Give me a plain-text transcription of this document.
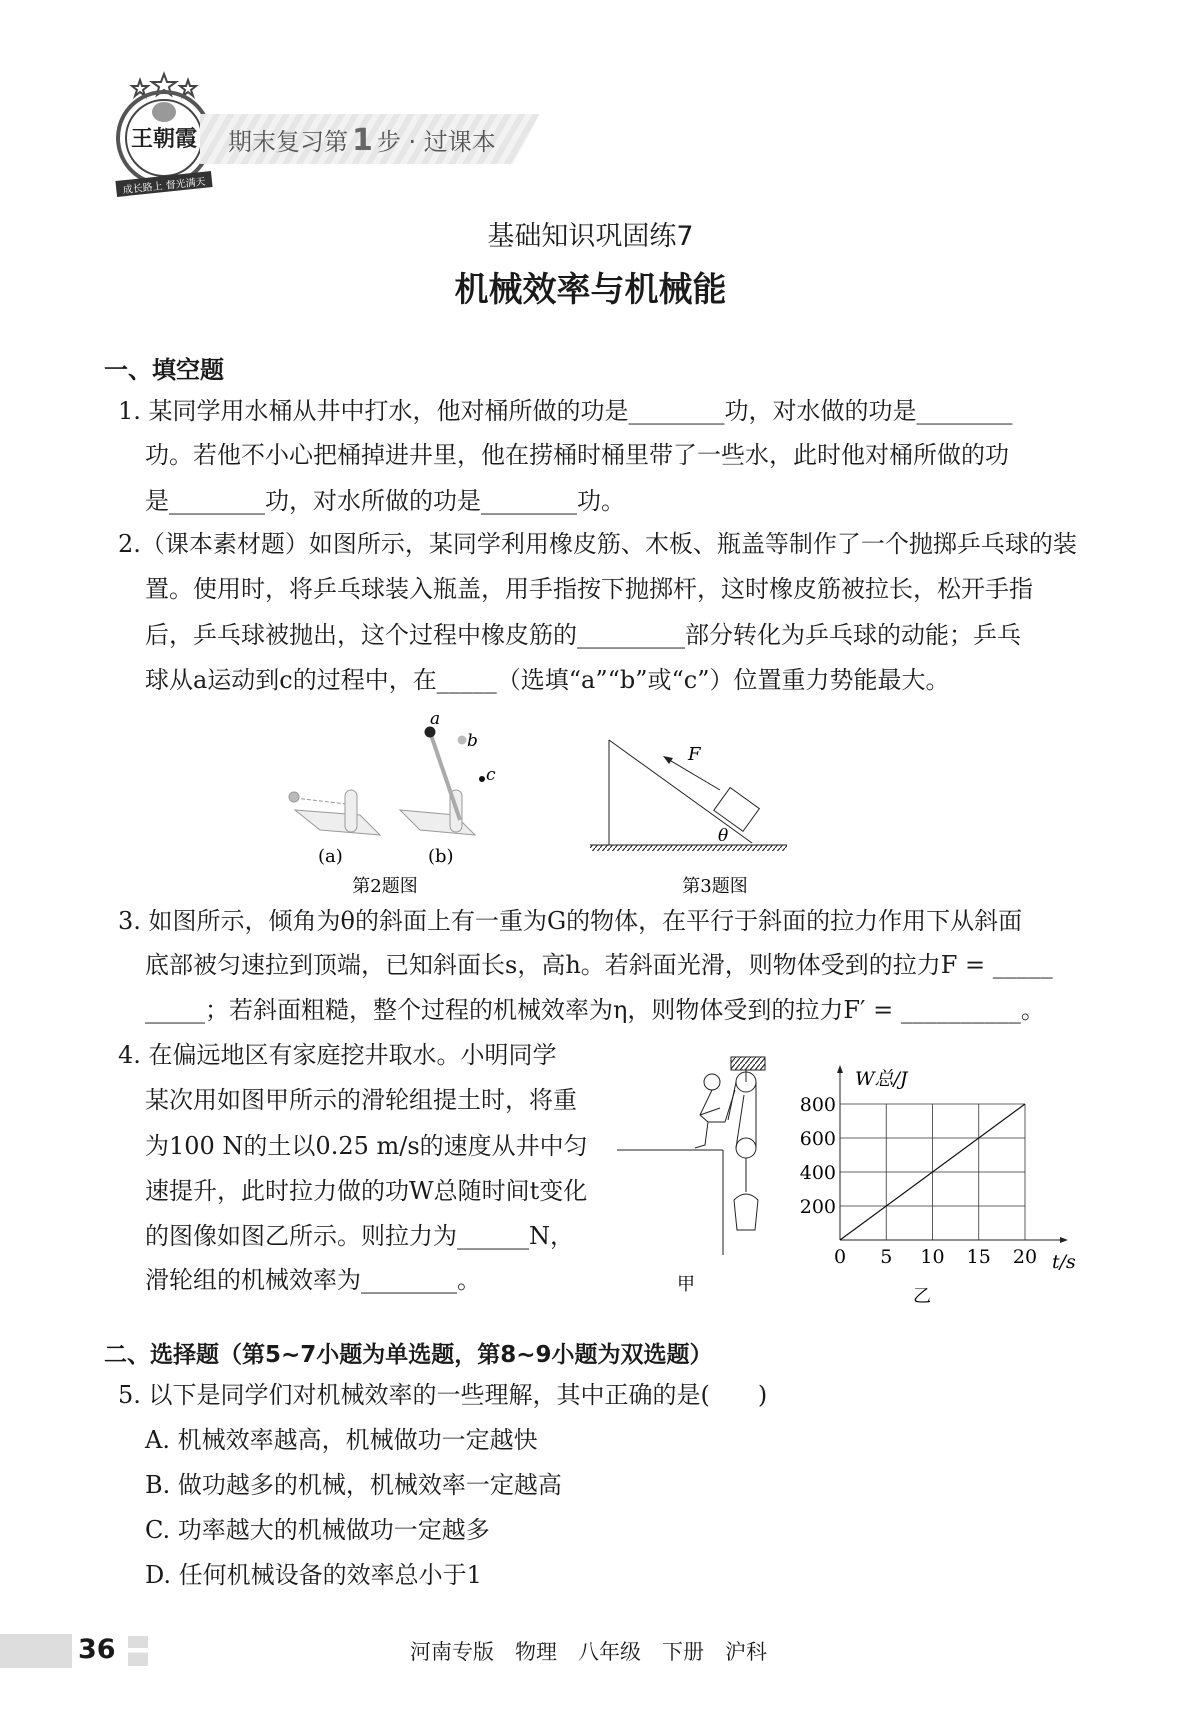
王朝霞
成长路上 督光满天
期末复习第 1 步 · 过课本
基础知识巩固练7
机械效率与机械能
一、填空题
1. 某同学用水桶从井中打水，他对桶所做的功是________功，对水做的功是________
功。若他不小心把桶掉进井里，他在捞桶时桶里带了一些水，此时他对桶所做的功
是________功，对水所做的功是________功。
2.（课本素材题）如图所示，某同学利用橡皮筋、木板、瓶盖等制作了一个抛掷乒乓球的装
置。使用时，将乒乓球装入瓶盖，用手指按下抛掷杆，这时橡皮筋被拉长，松开手指
后，乒乓球被抛出，这个过程中橡皮筋的_________部分转化为乒乓球的动能；乒乓
球从a运动到c的过程中，在_____（选填“a”“b”或“c”）位置重力势能最大。
a
b
c
(a)	(b)
第2题图
F
θ
第3题图
3. 如图所示，倾角为θ的斜面上有一重为G的物体，在平行于斜面的拉力作用下从斜面
底部被匀速拉到顶端，已知斜面长s，高h。若斜面光滑，则物体受到的拉力F = _____
_____；若斜面粗糙，整个过程的机械效率为η，则物体受到的拉力F′ = __________。
4. 在偏远地区有家庭挖井取水。小明同学
某次用如图甲所示的滑轮组提土时，将重
为100 N的土以0.25 m/s的速度从井中匀
速提升，此时拉力做的功W总随时间t变化
的图像如图乙所示。则拉力为______N，
滑轮组的机械效率为________。	甲
0 5 10 15 20
200
400
600
800
W总/J
t/s
乙
二、选择题（第5~7小题为单选题，第8~9小题为双选题）
5. 以下是同学们对机械效率的一些理解，其中正确的是(　　)
A. 机械效率越高，机械做功一定越快
B. 做功越多的机械，机械效率一定越高
C. 功率越大的机械做功一定越多
D. 任何机械设备的效率总小于1
36	河南专版　物理　八年级　下册　沪科
